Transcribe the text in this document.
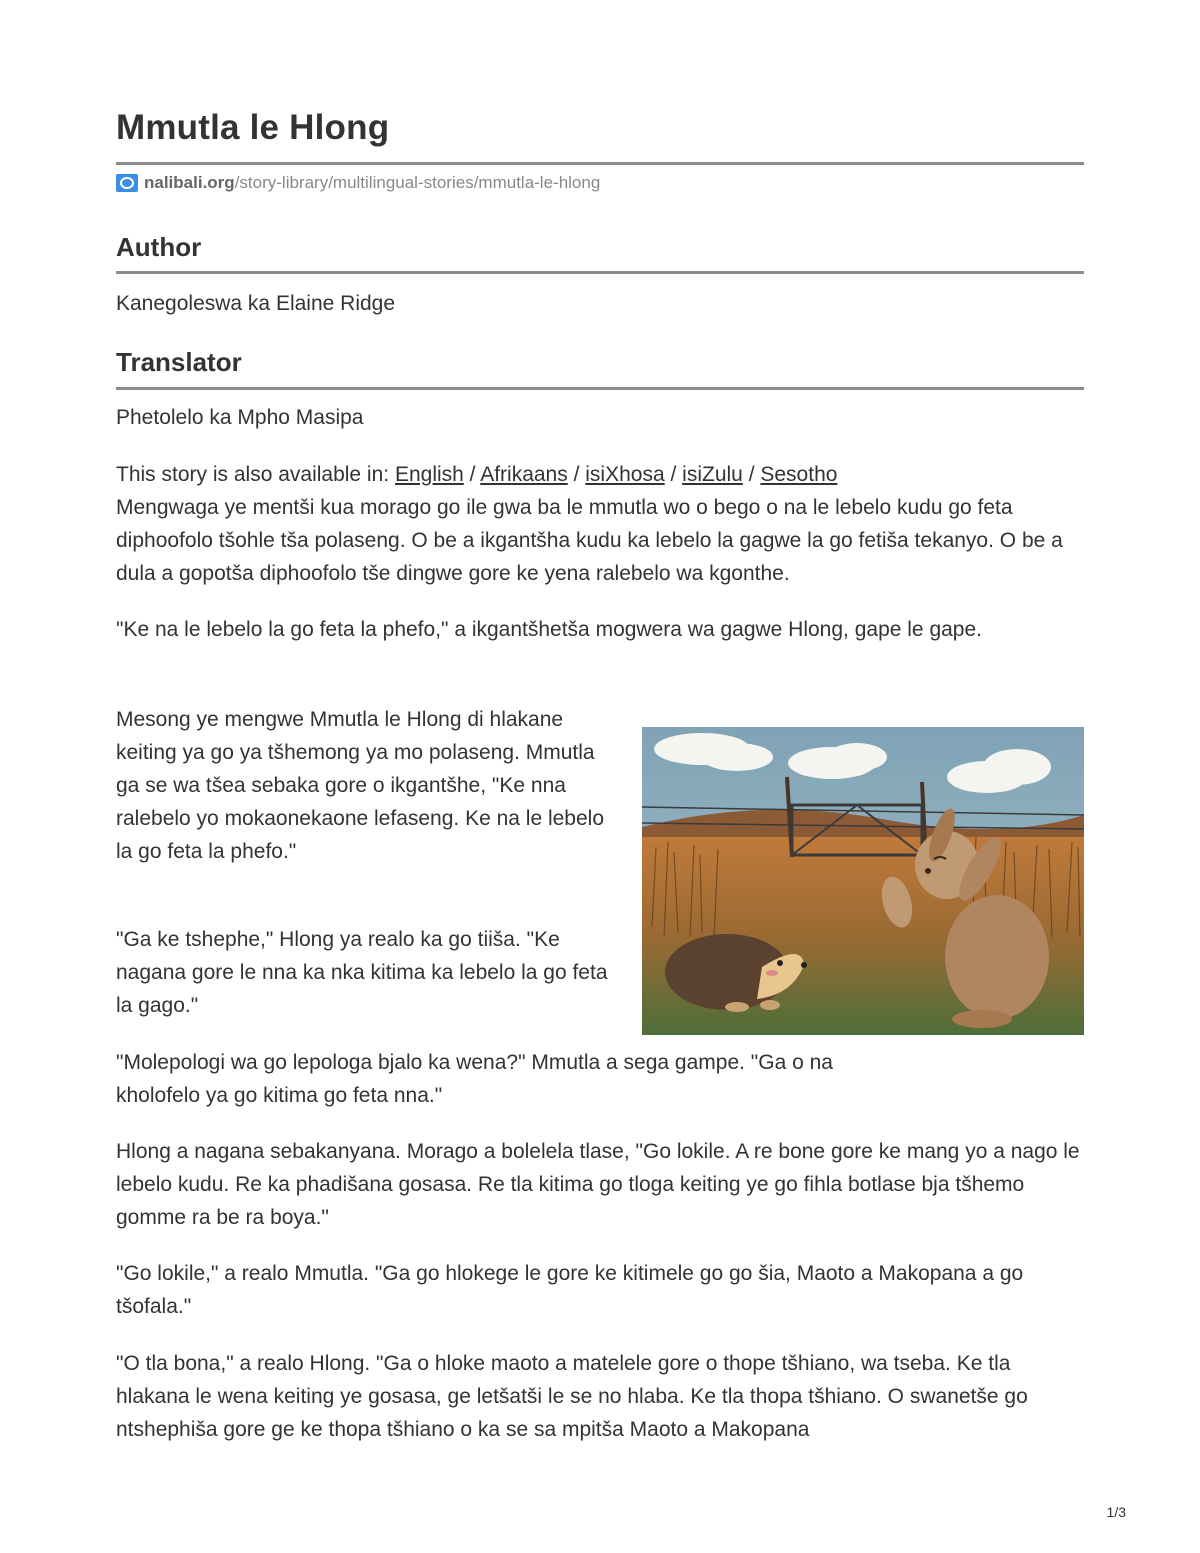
Mmutla le Hlong
nalibali.org /story-library/multilingual-stories/mmutla-le-hlong
Author

Kanegoleswa ka Elaine Ridge

Translator

Phetolelo ka Mpho Masipa

This story is also available in: English / Afrikaans / isiXhosa / isiZulu / Sesotho

Mengwaga ye mentši kua morago go ile gwa ba le mmutla wo o bego o na le lebelo kudu go feta diphoofolo tšohle tša polaseng. O be a ikgantšha kudu ka lebelo la gagwe la go fetiša tekanyo. O be a dula a gopotša diphoofolo tše dingwe gore ke yena ralebelo wa kgonthe.

"Ke na le lebelo la go feta la phefo," a ikgantšhetša mogwera wa gagwe Hlong, gape le gape.

Mesong ye mengwe Mmutla le Hlong di hlakane keiting ya go ya tšhemong ya mo polaseng. Mmutla ga se wa tšea sebaka gore o ikgantšhe, "Ke nna ralebelo yo mokaonekaone lefaseng. Ke na le lebelo la go feta la phefo."

"Ga ke tshephe," Hlong ya realo ka go tiiša. "Ke nagana gore le nna ka nka kitima ka lebelo la go feta la gago."

"Molepologi wa go lepologa bjalo ka wena?" Mmutla a sega gampe. "Ga o na kholofelo ya go kitima go feta nna."

Hlong a nagana sebakanyana. Morago a bolelela tlase, "Go lokile. A re bone gore ke mang yo a nago le lebelo kudu. Re ka phadišana gosasa. Re tla kitima go tloga keiting ye go fihla botlase bja tšhemo gomme ra be ra boya."

"Go lokile," a realo Mmutla. "Ga go hlokege le gore ke kitimele go go šia, Maoto a Makopana a go tšofala."

"O tla bona," a realo Hlong. "Ga o hloke maoto a matelele gore o thope tšhiano, wa tseba. Ke tla hlakana le wena keiting ye gosasa, ge letšatši le se no hlaba. Ke tla thopa tšhiano. O swanetše go ntshephiša gore ge ke thopa tšhiano o ka se sa mpitša Maoto a Makopana

1/3
